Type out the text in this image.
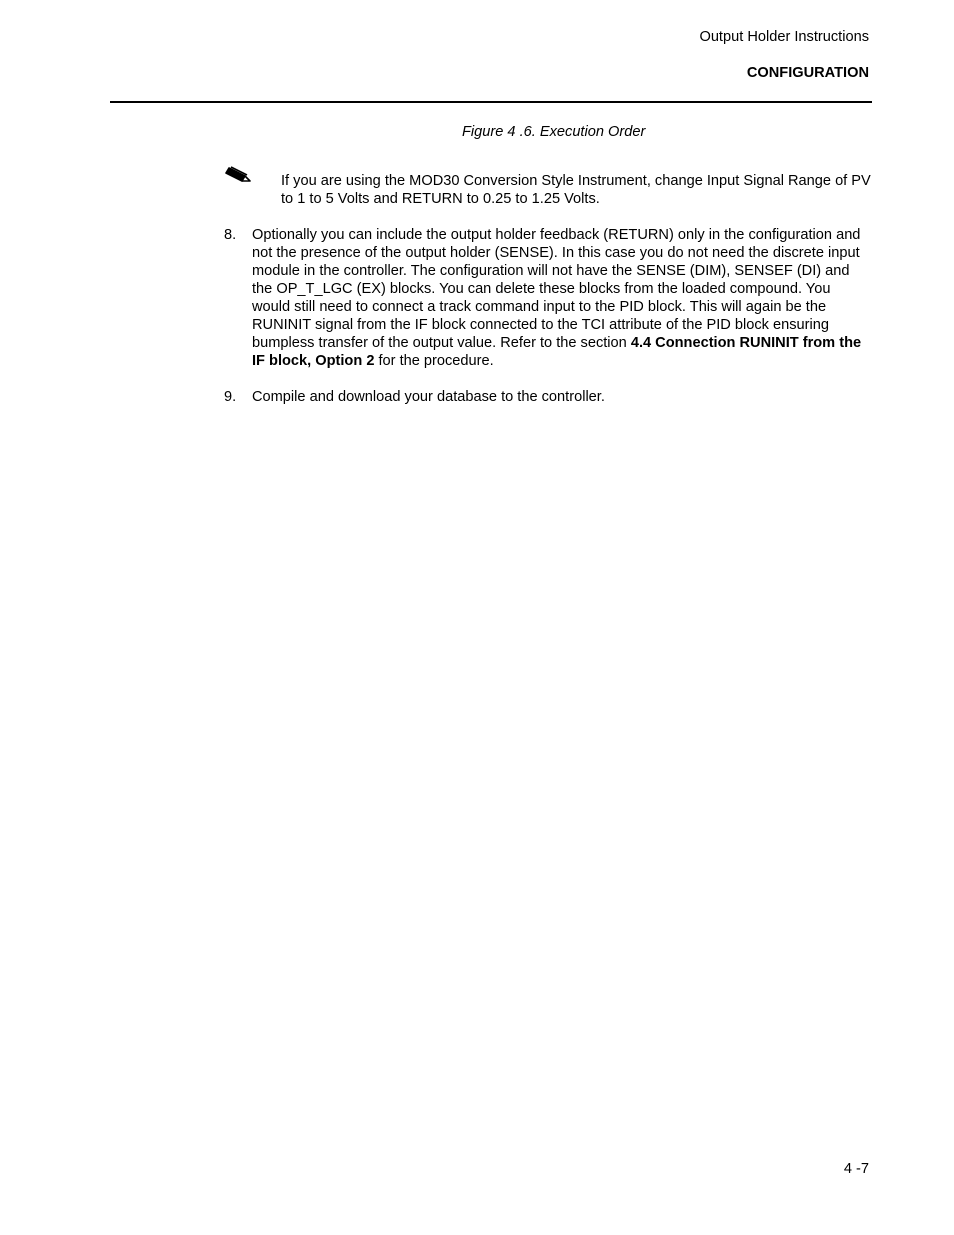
Output Holder Instructions
CONFIGURATION
Figure 4 .6. Execution Order
If you are using the MOD30 Conversion Style Instrument, change Input Signal Range of PV to 1 to 5 Volts and RETURN to 0.25 to 1.25 Volts.
8. Optionally you can include the output holder feedback (RETURN) only in the configuration and not the presence of the output holder (SENSE). In this case you do not need the discrete input module in the controller. The configuration will not have the SENSE (DIM), SENSEF (DI) and the OP_T_LGC (EX) blocks. You can delete these blocks from the loaded compound. You would still need to connect a track command input to the PID block. This will again be the RUNINIT signal from the IF block connected to the TCI attribute of the PID block ensuring bumpless transfer of the output value. Refer to the section 4.4 Connection RUNINIT from the IF block, Option 2 for the procedure.
9. Compile and download your database to the controller.
4 -7
